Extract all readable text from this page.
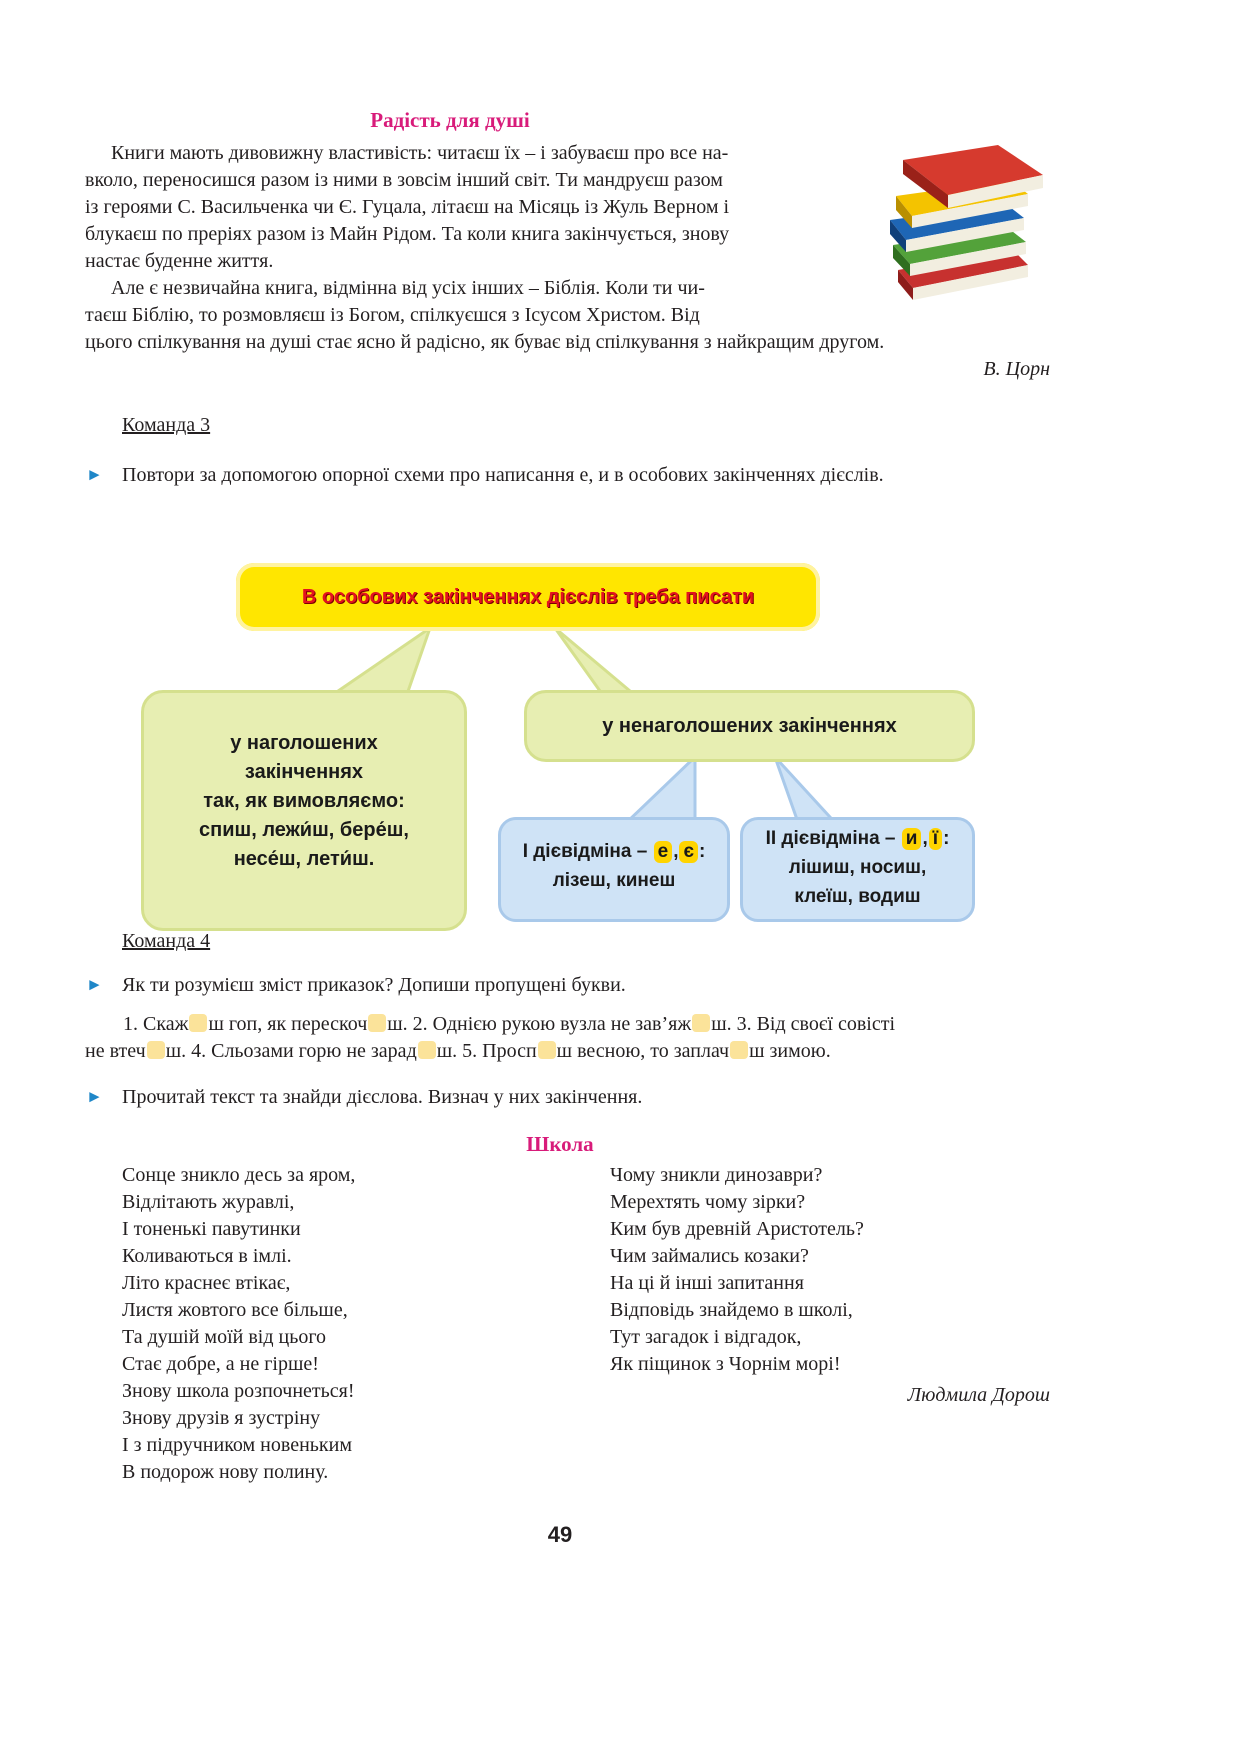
Радість для душі
Книги мають дивовижну властивість: читаєш їх – і забуваєш про все на-
вколо, переносишся разом із ними в зовсім інший світ. Ти мандруєш разом
із героями С. Васильченка чи Є. Гуцала, літаєш на Місяць із Жуль Верном і
блукаєш по преріях разом із Майн Рідом. Та коли книга закінчується, знову
настає буденне життя.
Але є незвичайна книга, відмінна від усіх інших – Біблія. Коли ти чи-
таєш Біблію, то розмовляєш із Богом, спілкуєшся з Ісусом Христом. Від
цього спілкування на душі стає ясно й радісно, як буває від спілкування з найкращим другом.
В. Цорн
Команда 3
► Повтори за допомогою опорної схеми про написання е, и в особових закінченнях дієслів.
В особових закінченнях дієслів треба писати
у наголошених
закінченнях
так, як вимовляємо:
спиш, лежи́ш, бере́ш,
несе́ш, лети́ш.
у ненаголошених закінченнях
І дієвідміна – е , є :
лізеш, кинеш
ІІ дієвідміна – и , ї :
лішиш, носиш,
клеїш, водиш
Команда 4
► Як ти розумієш зміст приказок? Допиши пропущені букви.
1. Скаж ш гоп, як перескоч ш. 2. Однією рукою вузла не зав’яж ш. 3. Від своєї совісті
не втеч ш. 4. Сльозами горю не зарад ш. 5. Просп ш весною, то заплач ш зимою.
► Прочитай текст та знайди дієслова. Визнач у них закінчення.
Школа
Сонце зникло десь за яром,
Відлітають журавлі,
І тоненькі павутинки
Коливаються в імлі.
Літо краснеє втікає,
Листя жовтого все більше,
Та душій моїй від цього
Стає добре, а не гірше!
Знову школа розпочнеться!
Знову друзів я зустріну
І з підручником новеньким
В подорож нову полину.
Чому зникли динозаври?
Мерехтять чому зірки?
Ким був древній Аристотель?
Чим займались козаки?
На ці й інші запитання
Відповідь знайдемо в школі,
Тут загадок і відгадок,
Як піщинок з Чорнім морі!
Людмила Дорош
49
